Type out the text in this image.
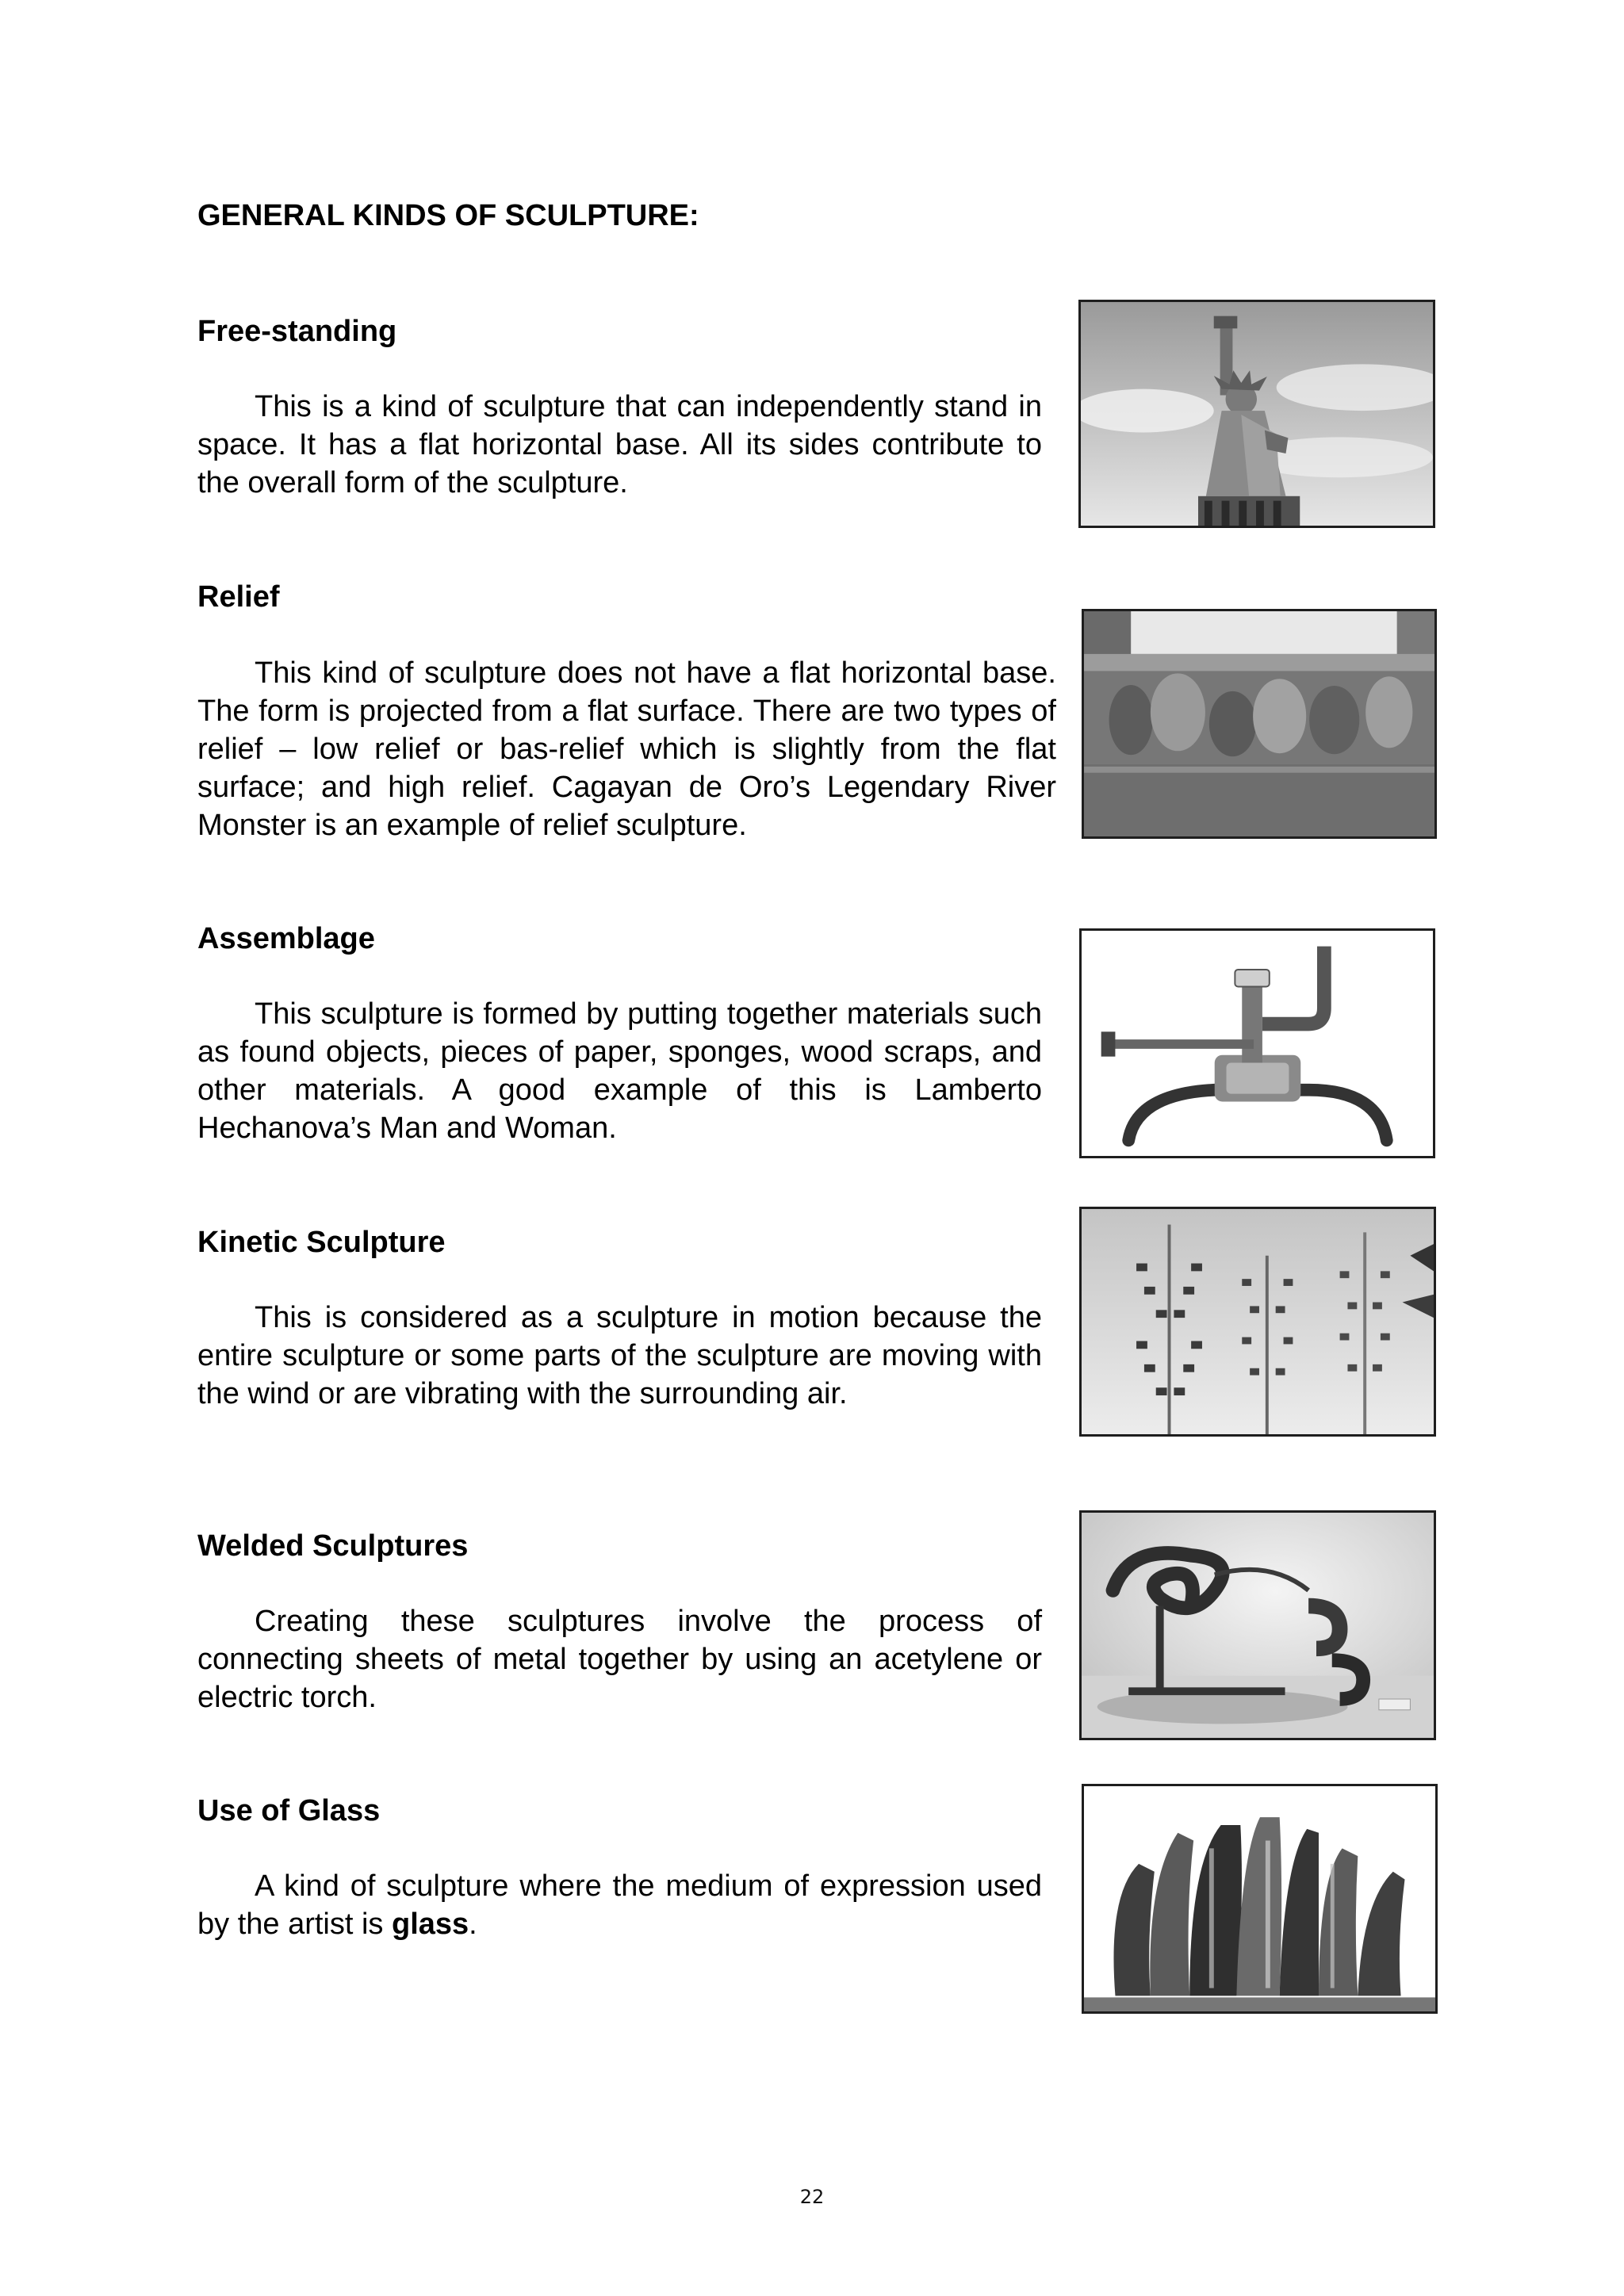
GENERAL KINDS OF SCULPTURE:
Free-standing

This is a kind of sculpture that can independently stand in space. It has a flat horizontal base. All its sides contribute to the overall form of the sculpture.

Relief

This kind of sculpture does not have a flat horizontal base. The form is projected from a flat surface. There are two types of relief – low relief or bas-relief which is slightly from the flat surface; and high relief. Cagayan de Oro’s Legendary River Monster is an example of relief sculpture.

Assemblage

This sculpture is formed by putting together materials such as found objects, pieces of paper, sponges, wood scraps, and other materials. A good example of this is Lamberto Hechanova’s Man and Woman.

Kinetic Sculpture

This is considered as a sculpture in motion because the entire sculpture or some parts of the sculpture are moving with the wind or are vibrating with the surrounding air.

Welded Sculptures

Creating these sculptures involve the process of connecting sheets of metal together by using an acetylene or electric torch.

Use of Glass

A kind of sculpture where the medium of expression used by the artist is glass.

22
